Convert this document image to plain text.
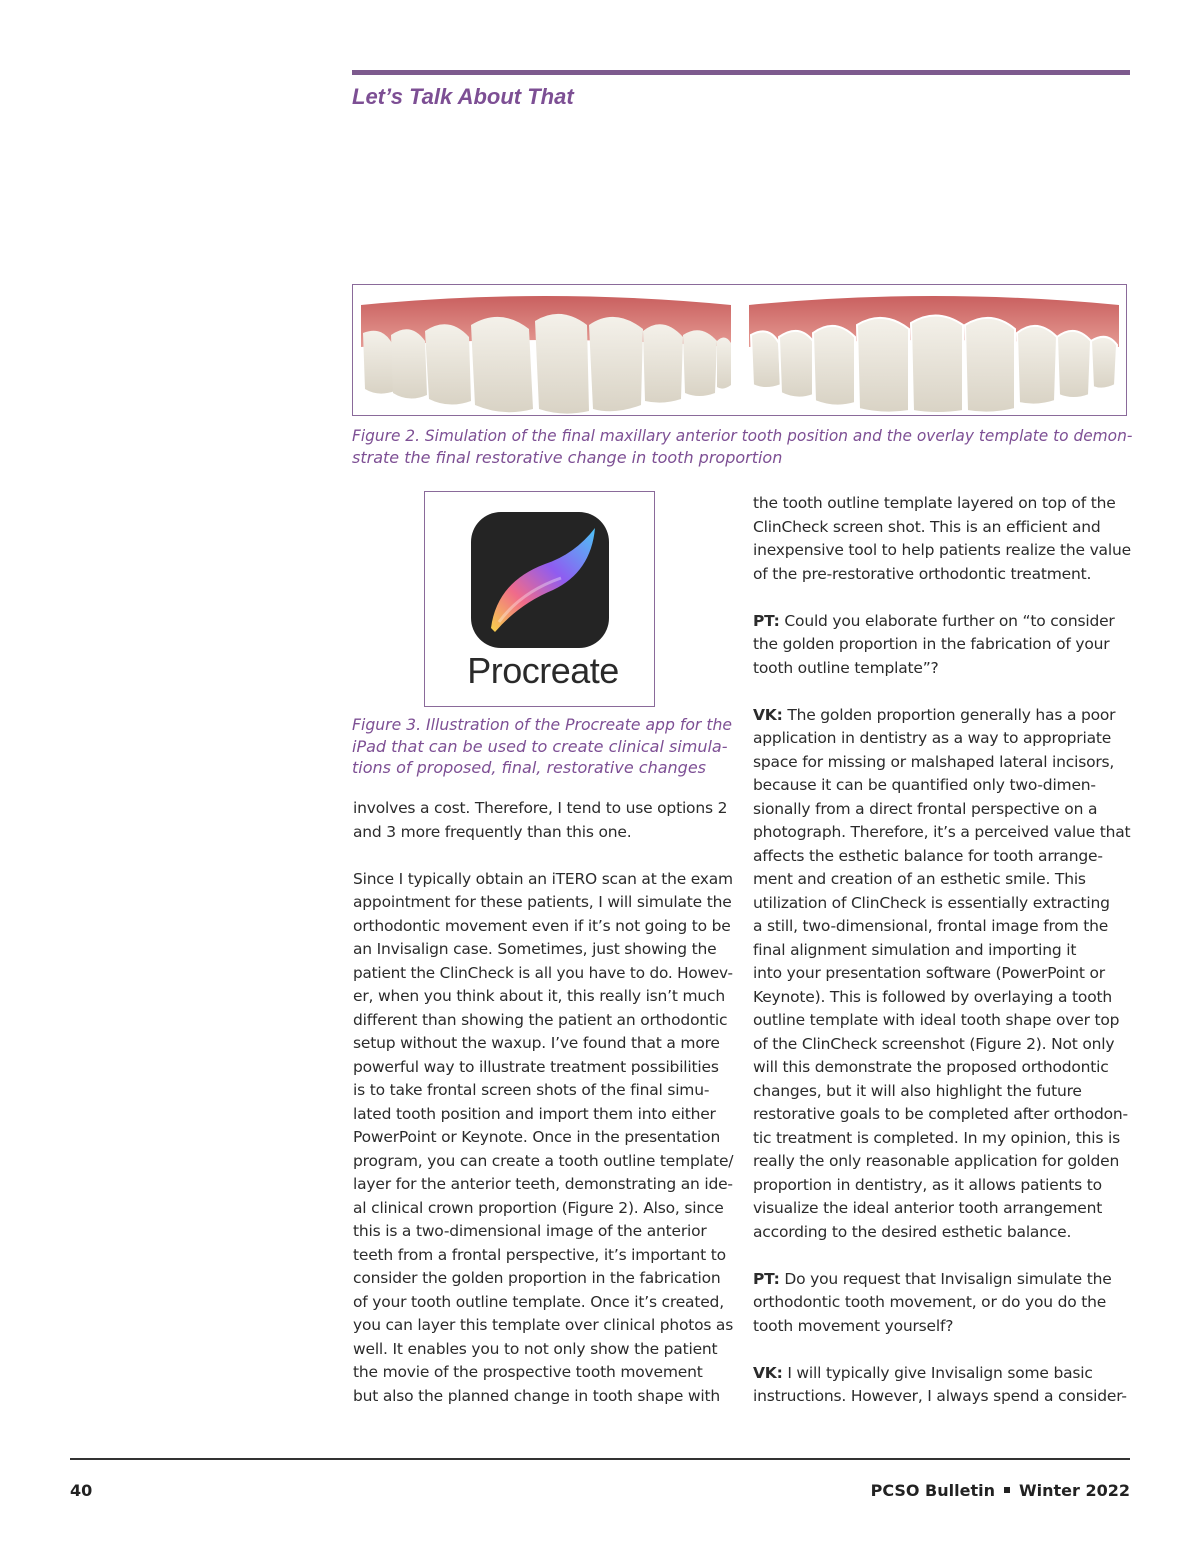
Let’s Talk About That
Figure 2. Simulation of the final maxillary anterior tooth position and the overlay template to demon-
strate the final restorative change in tooth proportion
Procreate
Figure 3. Illustration of the Procreate app for the
iPad that can be used to create clinical simula-
tions of proposed, final, restorative changes

involves a cost. Therefore, I tend to use options 2
and 3 more frequently than this one.

Since I typically obtain an iTERO scan at the exam
appointment for these patients, I will simulate the
orthodontic movement even if it’s not going to be
an Invisalign case. Sometimes, just showing the
patient the ClinCheck is all you have to do. Howev-
er, when you think about it, this really isn’t much
different than showing the patient an orthodontic
setup without the waxup. I’ve found that a more
powerful way to illustrate treatment possibilities
is to take frontal screen shots of the final simu-
lated tooth position and import them into either
PowerPoint or Keynote. Once in the presentation
program, you can create a tooth outline template/
layer for the anterior teeth, demonstrating an ide-
al clinical crown proportion (Figure 2). Also, since
this is a two-dimensional image of the anterior
teeth from a frontal perspective, it’s important to
consider the golden proportion in the fabrication
of your tooth outline template. Once it’s created,
you can layer this template over clinical photos as
well. It enables you to not only show the patient
the movie of the prospective tooth movement
but also the planned change in tooth shape with

the tooth outline template layered on top of the
ClinCheck screen shot. This is an efficient and
inexpensive tool to help patients realize the value
of the pre-restorative orthodontic treatment.

PT: Could you elaborate further on “to consider
the golden proportion in the fabrication of your
tooth outline template”?

VK: The golden proportion generally has a poor
application in dentistry as a way to appropriate
space for missing or malshaped lateral incisors,
because it can be quantified only two-dimen-
sionally from a direct frontal perspective on a
photograph. Therefore, it’s a perceived value that
affects the esthetic balance for tooth arrange-
ment and creation of an esthetic smile. This
utilization of ClinCheck is essentially extracting
a still, two-dimensional, frontal image from the
final alignment simulation and importing it
into your presentation software (PowerPoint or
Keynote). This is followed by overlaying a tooth
outline template with ideal tooth shape over top
of the ClinCheck screenshot (Figure 2). Not only
will this demonstrate the proposed orthodontic
changes, but it will also highlight the future
restorative goals to be completed after orthodon-
tic treatment is completed. In my opinion, this is
really the only reasonable application for golden
proportion in dentistry, as it allows patients to
visualize the ideal anterior tooth arrangement
according to the desired esthetic balance.

PT: Do you request that Invisalign simulate the
orthodontic tooth movement, or do you do the
tooth movement yourself?

VK: I will typically give Invisalign some basic
instructions. However, I always spend a consider-

40	PCSO Bulletin Winter 2022
